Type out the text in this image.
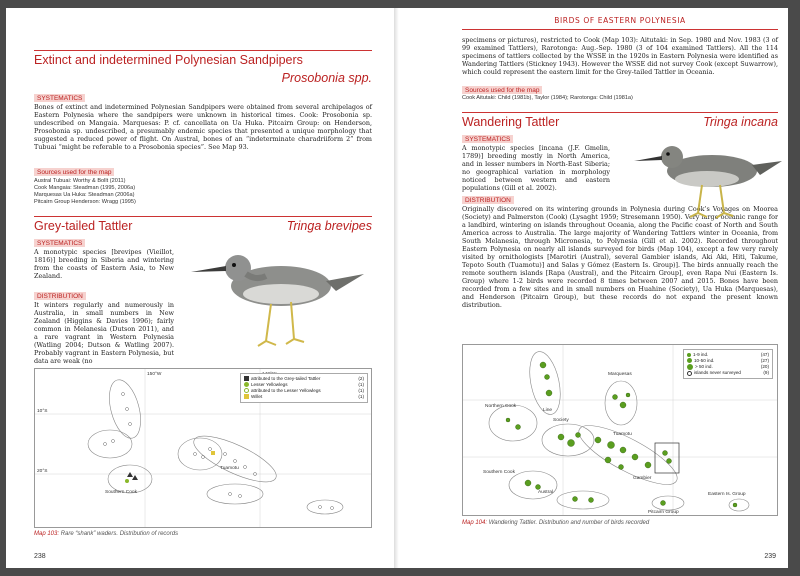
Extinct and indetermined Polynesian Sandpipers
Prosobonia spp.
SYSTEMATICS
Bones of extinct and indetermined Polynesian Sandpipers were obtained from several archipelagos of Eastern Polynesia where the sandpipers were unknown in historical times. Cook: Prosobonia sp. undescribed on Mangaia. Marquesas: P. cf. cancellata on Ua Huka. Pitcairn Group: on Henderson, Prosobonia sp. undescribed, a presumably endemic species that presented a unique morphology that suggested a reduced power of flight. On Austral, bones of an “indeterminate charadriiform 2” from Tubuai “might be referable to a Prosobonia species”. See Map 93.
Sources used for the map
Austral Tubuai: Worthy & Bollt (2011)
Cook Mangaia: Steadman (1995, 2006a)
Marquesas Ua Huka: Steadman (2006a)
Pitcairn Group Henderson: Wragg (1995)
Grey-tailed Tattler	Tringa brevipes
SYSTEMATICS
A monotypic species [brevipes (Vieillot, 1816)] breeding in Siberia and wintering from the coasts of Eastern Asia, to New Zealand.
DISTRIBUTION
It winters regularly and numerously in Australia, in small numbers in New Zealand (Higgins & Davies 1996); fairly common in Melanesia (Dutson 2011), and a rare vagrant in Western Polynesia (Watling 2004; Dutson & Watling 2007). Probably vagrant in Eastern Polynesia, but data are weak (no
150°W
10°S
20°S
Tuamotu
Southern Cook
attributed to the Grey-tailed Tattler	(2)
Lesser Yellowlegs	(1)
attributed to the Lesser Yellowlegs	(1)
Willet	(1)
Map 103: Rare “shank” waders. Distribution of records
238
BIRDS OF EASTERN POLYNESIA
specimens or pictures), restricted to Cook (Map 103): Aitutaki: in Sep. 1980 and Nov. 1983 (3 of 99 examined Tattlers), Rarotonga: Aug.-Sep. 1980 (3 of 104 examined Tattlers). All the 114 specimens of tattlers collected by the WSSE in the 1920s in Eastern Polynesia were identified as Wandering Tattlers (Stickney 1943). However the WSSE did not survey Cook (except Suwarrow), which could represent the eastern limit for the Grey-tailed Tattler in Oceania.
Sources used for the map
Cook Aitutaki: Child (1981b), Taylor (1984); Rarotonga: Child (1981a)
Wandering Tattler	Tringa incana
SYSTEMATICS
A monotypic species [incana (J.F. Gmelin, 1789)] breeding mostly in North America, and in lesser numbers in North-East Siberia; no geographical variation in morphology noticed between western and eastern populations (Gill et al. 2002).
DISTRIBUTION
Originally discovered on its wintering grounds in Polynesia during Cook’s Voyages on Moorea (Society) and Palmerston (Cook) (Lysaght 1959; Stresemann 1950). Very large oceanic range for a landbird, wintering on islands throughout Oceania, along the Pacific coast of North and South America across to Australia. The large majority of Wandering Tattlers winter in Oceania, from South Melanesia, through Micronesia, to Polynesia (Gill et al. 2002). Recorded throughout Eastern Polynesia on nearly all islands surveyed for birds (Map 104), except a few very rarely visited by ornithologists [Marotiri (Austral), several Gambier islands, Aki Aki, Hiti, Takume, Tepoto South (Tuamotu)] and Salas y Gómez (Eastern Is. Group)]. The birds annually reach the remote southern islands [Rapa (Austral), and the Pitcairn Group], even Rapa Nui (Eastern Is. Group) where 1-2 birds were recorded 8 times between 2007 and 2015. Bones have been recorded from a few sites and in small numbers on Huahine (Society), Ua Huka (Marquesas), and Henderson (Pitcairn Group), but these records do not expand the present known distribution.
Line
Northern Cook
Marquesas
Society
Tuamotu
Southern Cook
Austral
Gambier
Pitcairn Group
Eastern Is. Group
1-9 ind.	(47)
10-50 ind.	(27)
> 50 ind.	(20)
islands never surveyed	(9)
Map 104: Wandering Tattler. Distribution and number of birds recorded
239
